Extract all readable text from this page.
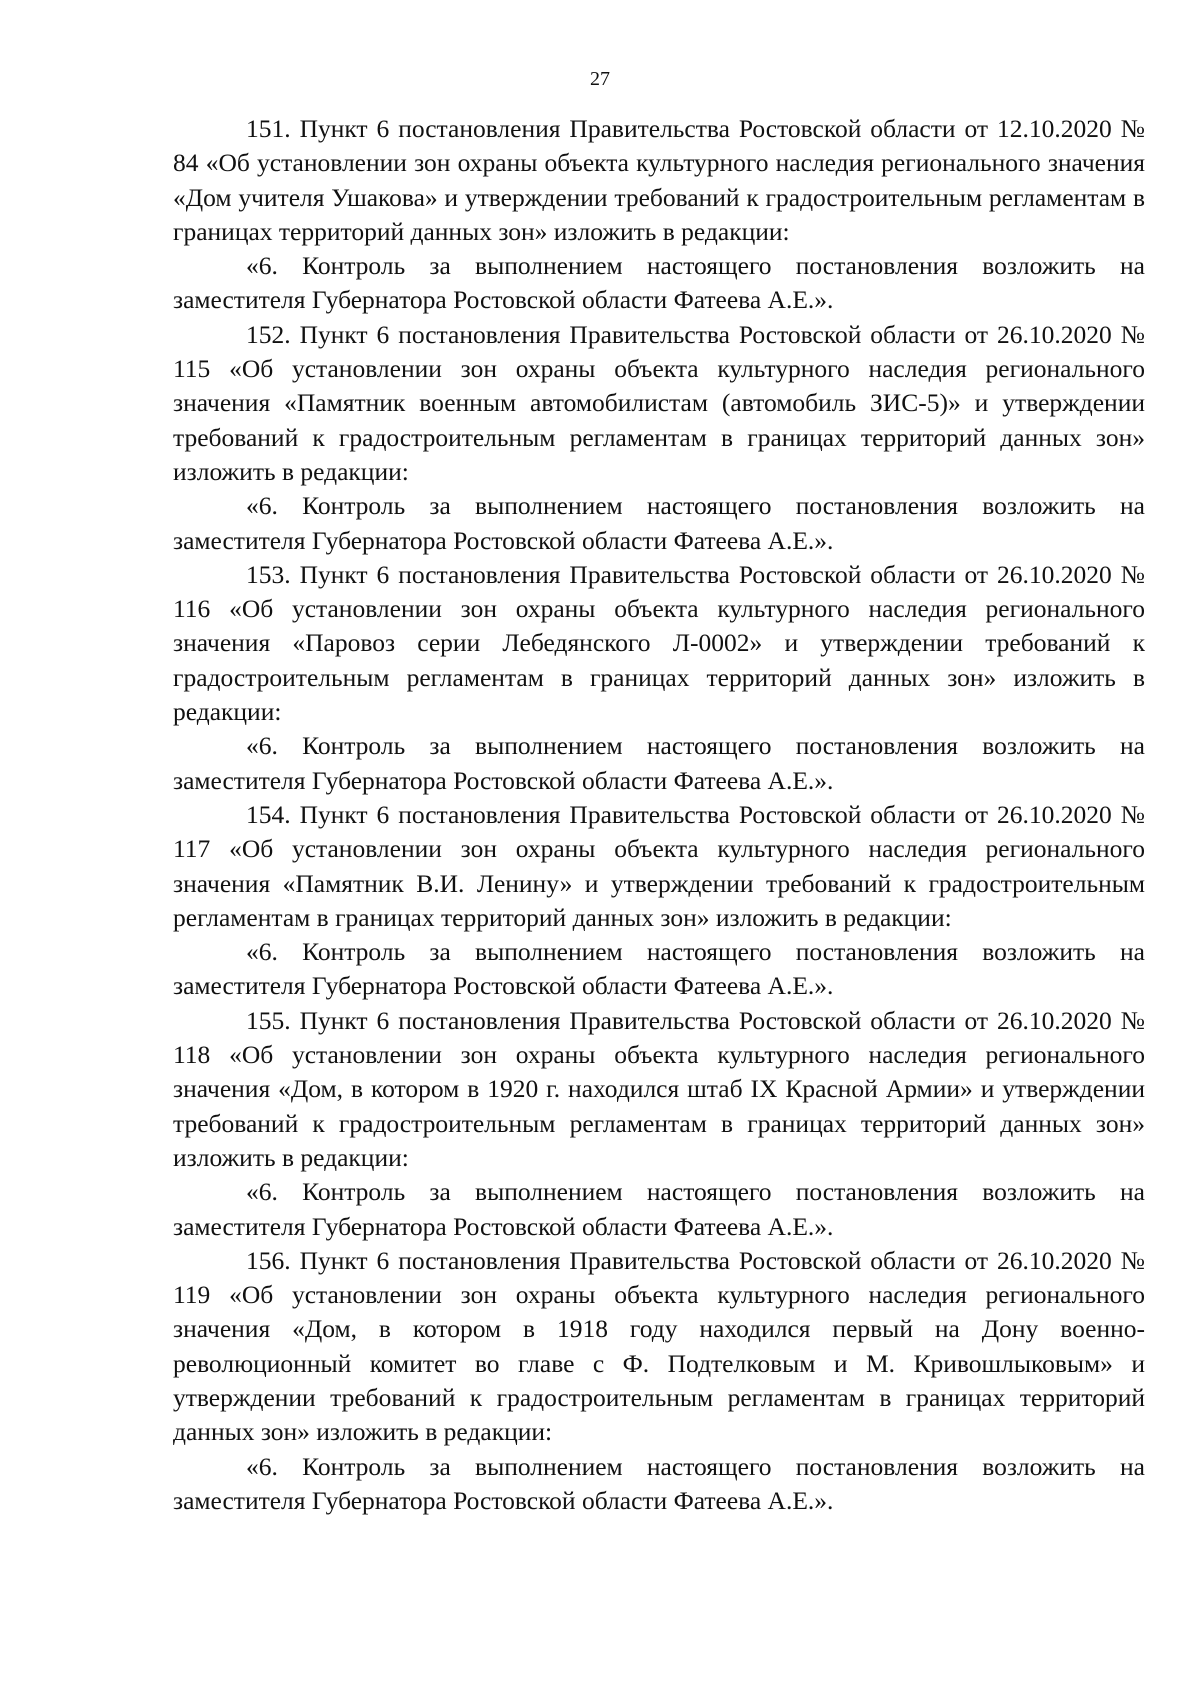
27

151. Пункт 6 постановления Правительства Ростовской области от 12.10.2020 № 84 «Об установлении зон охраны объекта культурного наследия регионального значения «Дом учителя Ушакова» и утверждении требований к градостроительным регламентам в границах территорий данных зон» изложить в редакции:

«6. Контроль за выполнением настоящего постановления возложить на заместителя Губернатора Ростовской области Фатеева А.Е.».

152. Пункт 6 постановления Правительства Ростовской области от 26.10.2020 № 115 «Об установлении зон охраны объекта культурного наследия регионального значения «Памятник военным автомобилистам (автомобиль ЗИС-5)» и утверждении требований к градостроительным регламентам в границах территорий данных зон» изложить в редакции:

«6. Контроль за выполнением настоящего постановления возложить на заместителя Губернатора Ростовской области Фатеева А.Е.».

153. Пункт 6 постановления Правительства Ростовской области от 26.10.2020 № 116 «Об установлении зон охраны объекта культурного наследия регионального значения «Паровоз серии Лебедянского Л-0002» и утверждении требований к градостроительным регламентам в границах территорий данных зон» изложить в редакции:

«6. Контроль за выполнением настоящего постановления возложить на заместителя Губернатора Ростовской области Фатеева А.Е.».

154. Пункт 6 постановления Правительства Ростовской области от 26.10.2020 № 117 «Об установлении зон охраны объекта культурного наследия регионального значения «Памятник В.И. Ленину» и утверждении требований к градостроительным регламентам в границах территорий данных зон» изложить в редакции:

«6. Контроль за выполнением настоящего постановления возложить на заместителя Губернатора Ростовской области Фатеева А.Е.».

155. Пункт 6 постановления Правительства Ростовской области от 26.10.2020 № 118 «Об установлении зон охраны объекта культурного наследия регионального значения «Дом, в котором в 1920 г. находился штаб IX Красной Армии» и утверждении требований к градостроительным регламентам в границах территорий данных зон» изложить в редакции:

«6. Контроль за выполнением настоящего постановления возложить на заместителя Губернатора Ростовской области Фатеева А.Е.».

156. Пункт 6 постановления Правительства Ростовской области от 26.10.2020 № 119 «Об установлении зон охраны объекта культурного наследия регионального значения «Дом, в котором в 1918 году находился первый на Дону военно-революционный комитет во главе с Ф. Подтелковым и М. Кривошлыковым» и утверждении требований к градостроительным регламентам в границах территорий данных зон» изложить в редакции:

«6. Контроль за выполнением настоящего постановления возложить на заместителя Губернатора Ростовской области Фатеева А.Е.».
